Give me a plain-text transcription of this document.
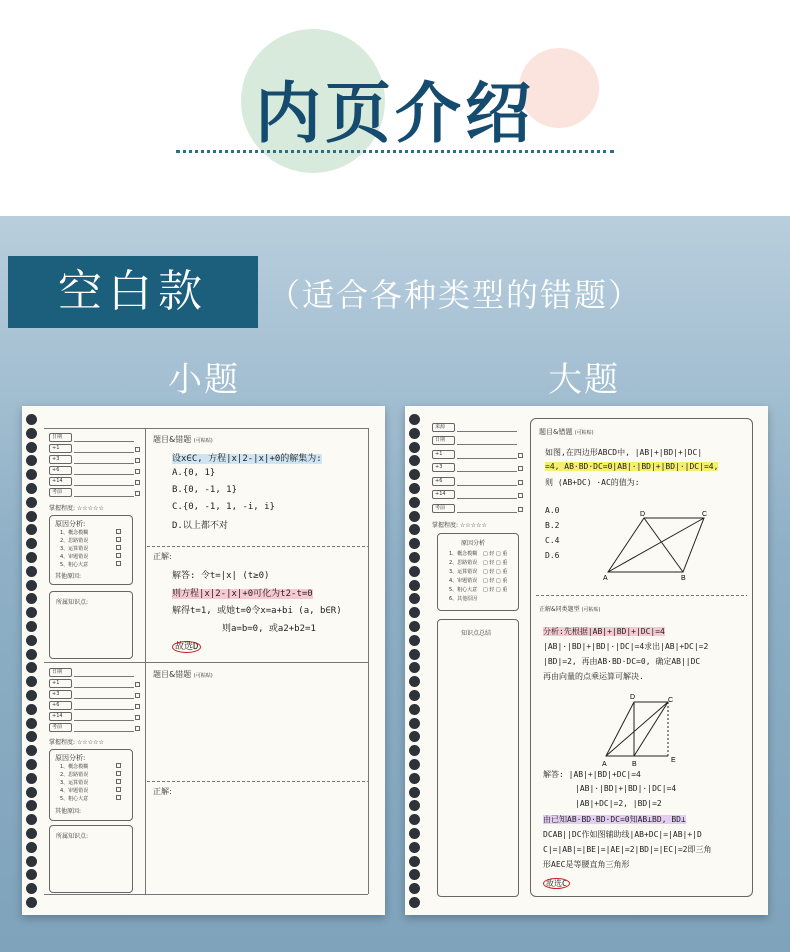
内页介绍
空白款	（适合各种类型的错题）
小题	大题
日期
+1
+3
+6
+14
考前
掌握程度: ☆☆☆☆☆
原因分析:
1、概念模糊
2、思路错误
3、运算错误
4、审题错误
5、粗心大意
其他原因:
所属知识点:
题目&错题 (可粘贴)
设x∈C, 方程|x|2-|x|+0的解集为:
A.{0, 1}
B.{0, -1, 1}
C.{0, -1, 1, -i, i}
D.以上都不对
正解:
解答: 令t=|x| (t≥0)
则方程|x|2-|x|+0可化为t2-t=0
解得t=1, 或她t=0令x=a+bi (a, b∈R)
则a=b=0, 或a2+b2=1
故选D
日期
+1
+3
+6
+14
考前
掌握程度: ☆☆☆☆☆
原因分析:
1、概念模糊
2、思路错误
3、运算错误
4、审题错误
5、粗心大意
其他原因:
所属知识点:
题目&错题 (可粘贴)
正解:
来源
日期
+1
+3
+6
+14
考前
掌握程度: ☆☆☆☆☆
原因分析
1、概念模糊 □ 轻 □ 重
2、思路错误 □ 轻 □ 重
3、运算错误 □ 轻 □ 重
4、审题错误 □ 轻 □ 重
5、粗心大意 □ 轻 □ 重
6、其他原因
知识点总结
题目&错题 (可粘贴)
如图,在四边形ABCD中, |AB|+|BD|+|DC|
=4, AB·BD·DC=0|AB|·|BD|+|BD|·|DC|=4,
则 (AB+DC) ·AC的值为:
A.0
B.2
C.4
D.6
D	C
A	B
正解&同类题型 (可粘贴)
分析:先根据|AB|+|BD|+|DC|=4
|AB|·|BD|+|BD|·|DC|=4求出|AB|+DC|=2
|BD|=2, 再由AB·BD·DC=0, 确定AB||DC
再由向量的点乘运算可解决.
D	C
A	B
E
解答: |AB|+|BD|+DC|=4
|AB|·|BD|+|BD|·|DC|=4
|AB|+DC|=2, |BD|=2
由已知AB·BD·BD·DC=0知AB⊥BD, BD⊥
DCAB||DC作如图辅助线|AB+DC|=|AB|+|D
C|=|AB|=|BE|=|AE|=2|BD|=|EC|=2即三角
形AEC是等腰直角三角形
故选C
